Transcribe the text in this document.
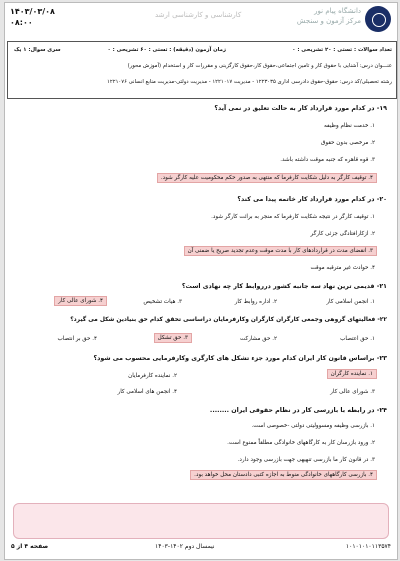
دانشگاه پیام نور
مرکز آزمون و سنجش
کارشناسی و کارشناسی ارشد
۱۴۰۳/۰۳/۰۸
۰۸:۰۰
تعداد سوالات : تستی : ۲۰ تشریحی : ۰
زمان آزمون (دقیقه) : تستی : ۶۰ تشریحی : ۰
سری سوال: ۱ یک
عنـــوان درس: آشنایی با حقوق کار و تامین اجتماعی،حقوق کار،حقوق کارگزینی و مقررات کار و استخدام (آموزش محور)
رشته تحصیلی/کد درس: حقوق-حقوق دادرسی اداری ۱۲۲۳۰۳۵ - مدیریت ۱۲۲۱۰۱۷ - مدیریت دولتی-مدیریت منابع انسانی ۱۲۲۱۰۷۶
۱۹- در کدام مورد قرارداد کار به حالت تعلیق در نمی آید؟
۱. خدمت نظام وظیفه
۲. مرخصی بدون حقوق
۳. قوه قاهره که جنبه موقت داشته باشد.
۴. توقیف کارگر به دلیل شکایت کارفرما که منتهی به صدور حکم محکومیت علیه کارگر شود.
۲۰- در کدام مورد قرارداد کار خاتمه پیدا می کند؟
۱. توقیف کارگر در نتیجه شکایت کارفرما که منجر به برائت کارگر شود.
۲. ازکارافتادگی جزئی کارگر
۳. انقضای مدت در قراردادهای کار با مدت موقت وعدم تجدید صریح یا ضمنی آن
۴. حوادث غیر مترقبه موقت
۲۱- قدیمی ترین نهاد سه جانبه کشور درروابط کار چه نهادی است؟
۱. انجمن اسلامی کار
۲. اداره روابط کار
۳. هیات تشخیص
۴. شورای عالی کار
۲۲- فعالیتهای گروهی وجمعی کارگران کارگران وکارفرمایان دراساسی تحقق کدام حق بنیادین شکل می گیرد؟
۱. حق اعتصاب
۲. حق مشارکت
۳. حق تشکل
۴. حق بر انتصاب
۲۳- براساس قانون کار ایران کدام مورد جزء تشکل های کارگری وکارفرمایی محسوب می شود؟
۱. نماینده کارگران
۲. نماینده کارفرمایان
۳. شورای عالی کار
۴. انجمن های اسلامی کار
۲۴- در رابطه با بازرسی کار در نظام حقوقی ایران ........
۱. بازرسی وظیفه ومسوولیتی دولتی -خصوصی است.
۲. ورود بازرسان کار به کارگاههای خانوادگی مطلقاً ممنوع است.
۳. در قانون کار ما بازرسی تنهیهی جهت بازرسی وجود دارد.
۴. بازرسی کارگاههای خانوادگی منوط به اجازه کتبی دادستان محل خواهد بود.
صفحه ۴ از ۵	نیمسال دوم ۱۴۰۲-۱۴۰۳	۱۰۱۰۱۰۱۰۱۱۳۵۷۴
